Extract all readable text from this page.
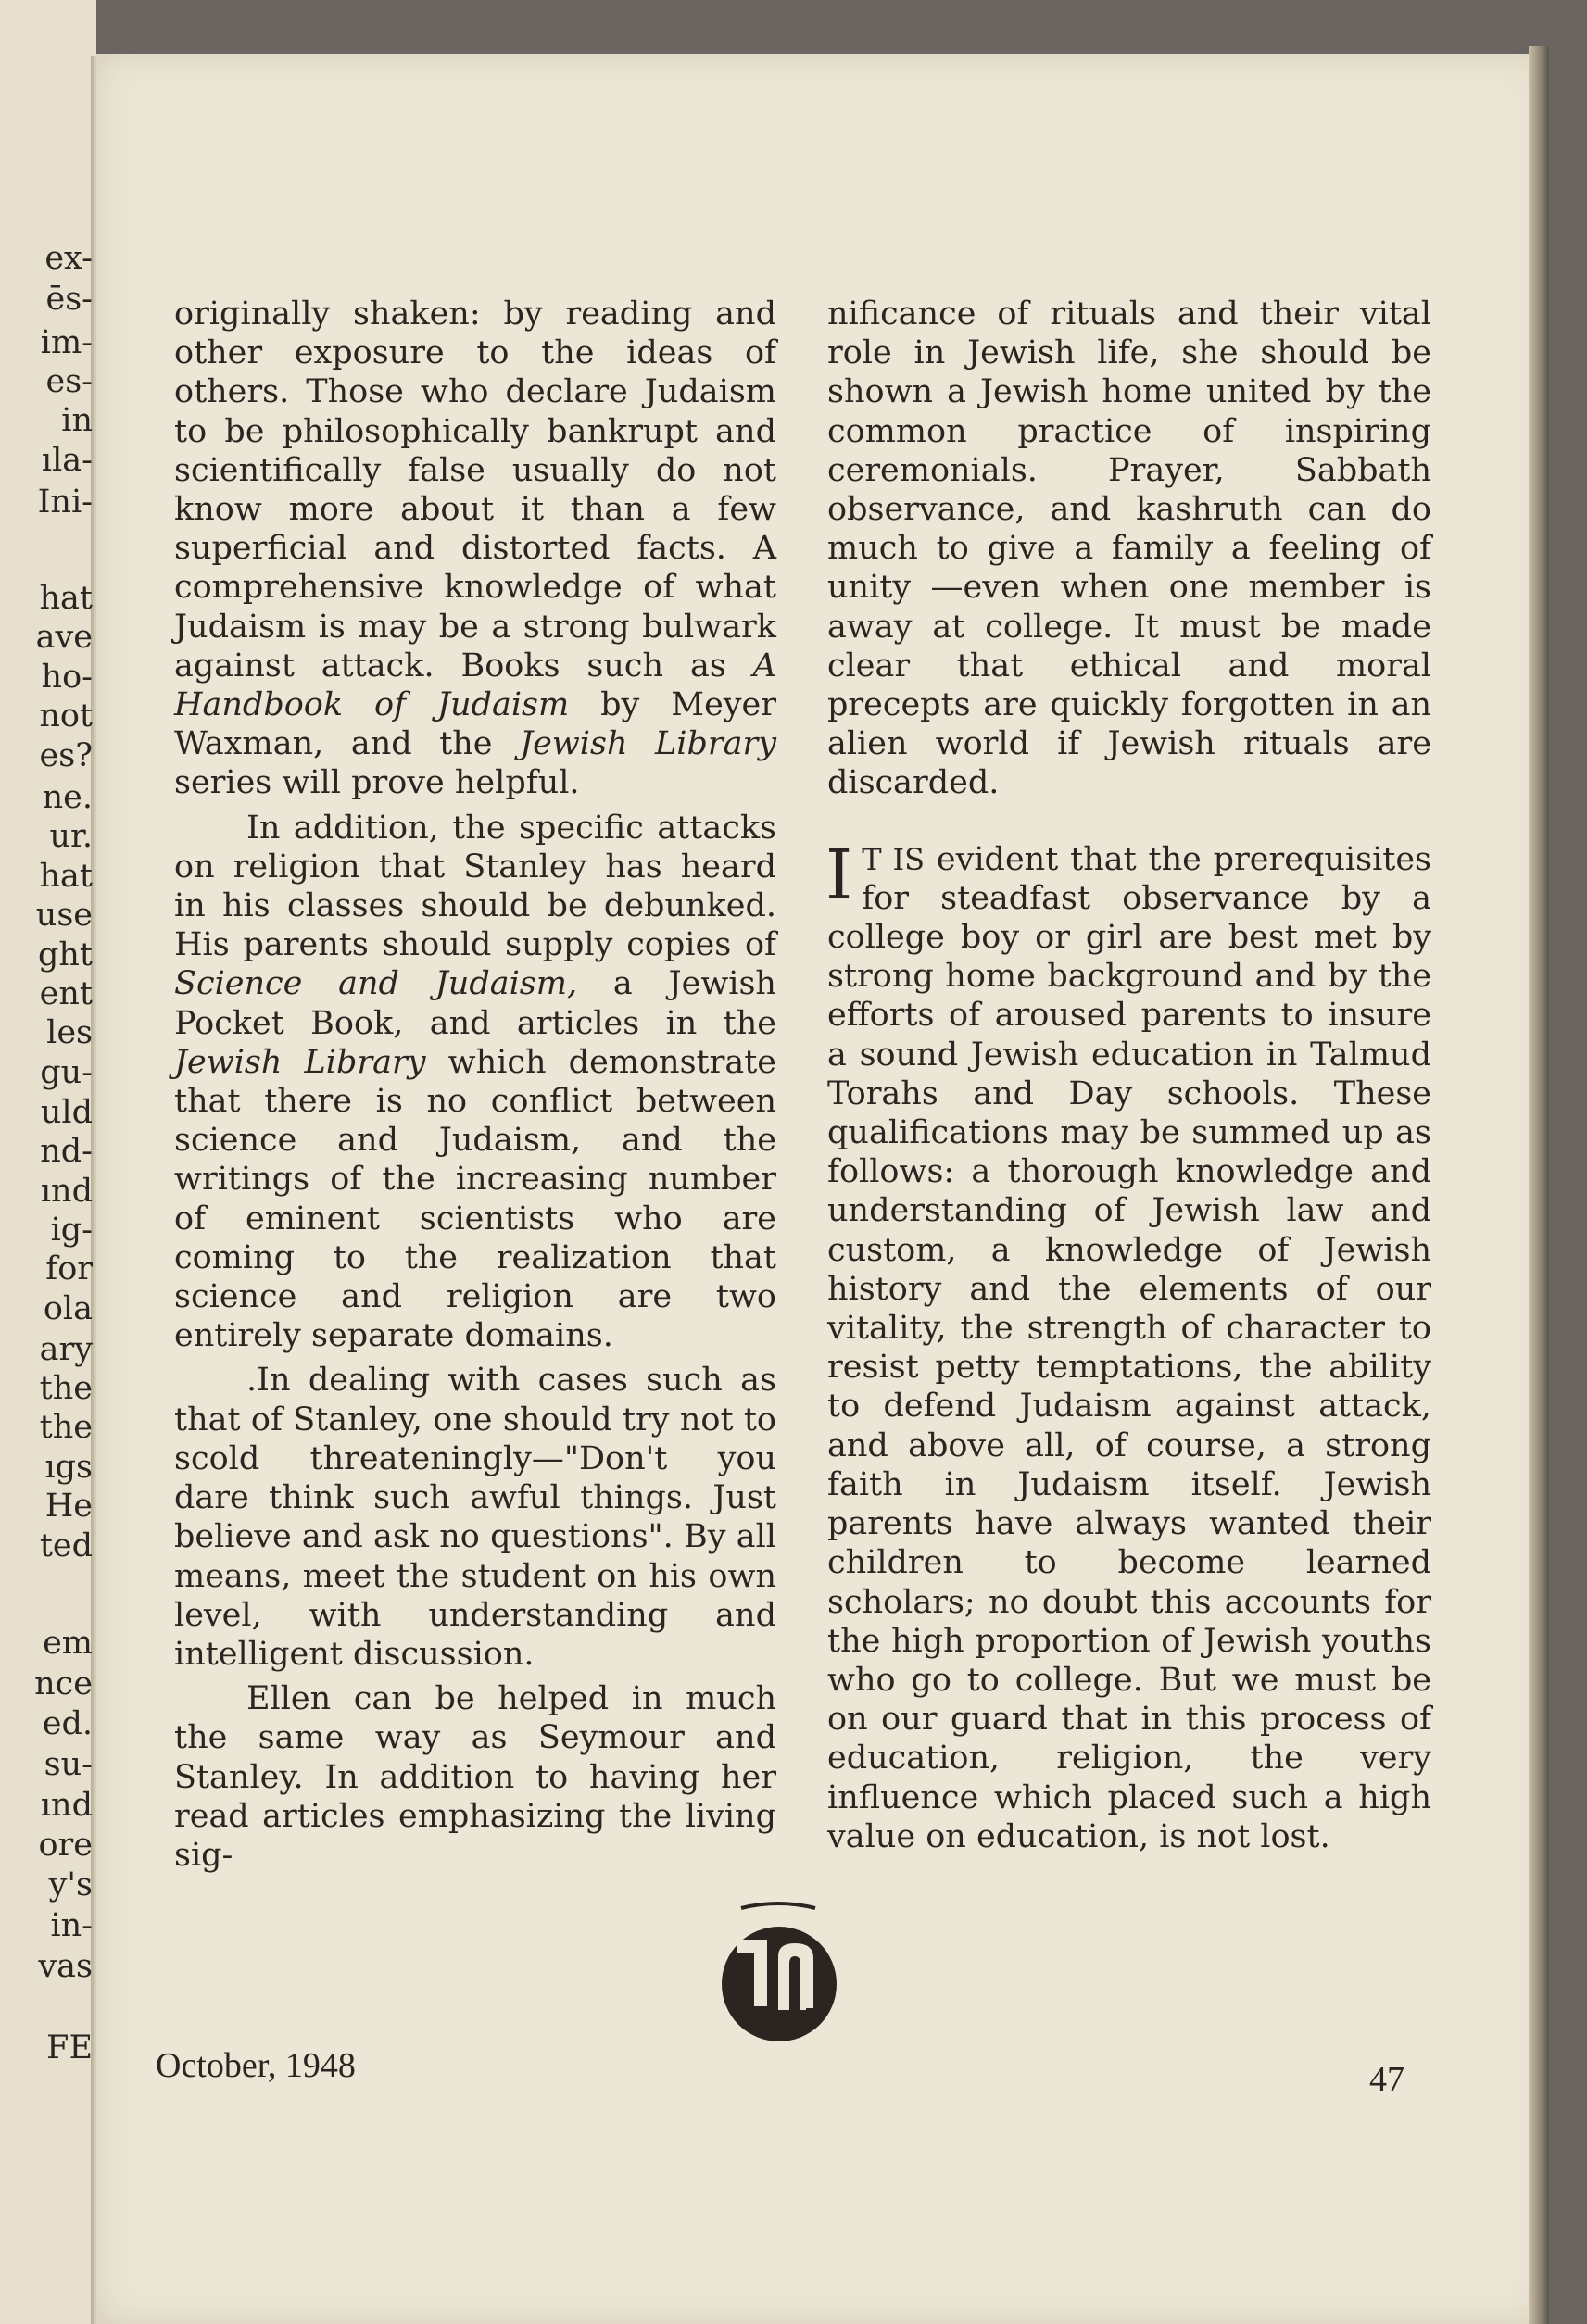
ex-
ēs-
im-
es-
in
ıla-
Ini-
hat
ave
ho-
not
es?
ne.
ur.
hat
use
ght
ent
les
gu-
uld
nd-
ınd
ig-
for
ola
ary
the
the
ıgs
He
ted
em
nce
ed.
su-
ınd
ore
y's
in-
vas
FE

originally shaken: by reading and other exposure to the ideas of others. Those who declare Judaism to be philosophically bankrupt and scientifically false usually do not know more about it than a few superficial and distorted facts. A comprehensive knowledge of what Judaism is may be a strong bulwark against attack. Books such as A Handbook of Judaism by Meyer Waxman, and the Jewish Library series will prove helpful.

In addition, the specific attacks on religion that Stanley has heard in his classes should be debunked. His parents should supply copies of Science and Judaism, a Jewish Pocket Book, and articles in the Jewish Library which demonstrate that there is no conflict between science and Judaism, and the writings of the increasing number of eminent scientists who are coming to the realization that science and religion are two entirely separate domains.

.In dealing with cases such as that of Stanley, one should try not to scold threateningly—"Don't you dare think such awful things. Just believe and ask no questions". By all means, meet the student on his own level, with understanding and intelligent discussion.

Ellen can be helped in much the same way as Seymour and Stanley. In addition to having her read articles emphasizing the living sig-

nificance of rituals and their vital role in Jewish life, she should be shown a Jewish home united by the common practice of inspiring ceremonials. Prayer, Sabbath observance, and kashruth can do much to give a family a feeling of unity —even when one member is away at college. It must be made clear that ethical and moral precepts are quickly forgotten in an alien world if Jewish rituals are discarded.

I T IS evident that the prerequisites for steadfast observance by a college boy or girl are best met by strong home background and by the efforts of aroused parents to insure a sound Jewish education in Talmud Torahs and Day schools. These qualifications may be summed up as follows: a thorough knowledge and understanding of Jewish law and custom, a knowledge of Jewish history and the elements of our vitality, the strength of character to resist petty temptations, the ability to defend Judaism against attack, and above all, of course, a strong faith in Judaism itself. Jewish parents have always wanted their children to become learned scholars; no doubt this accounts for the high proportion of Jewish youths who go to college. But we must be on our guard that in this process of education, religion, the very influence which placed such a high value on education, is not lost.

October, 1948	47
